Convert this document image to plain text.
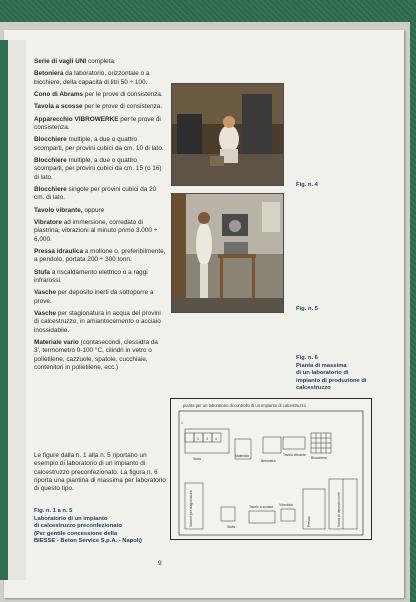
Serie di vagli UNI completa.
Betoniera da laboratorio, orizzontale o a bicchiere, della capacità di litri 50 ÷ 100.
Cono di Abrams per le prove di consistenza.
Tavola a scosse per le prove di consistenza.
Apparecchio VIBROWERKE per le prove di consistenza.
Blocchiere multiple, a due o quattro scomparti, per provini cubici da cm. 10 di lato.
Blocchiere multiple, a due o quattro scomparti, per provini cubici da cm. 15 (o 16) di lato.
Blocchiere singole per provini cubici da 20 cm. di lato.
Tavolo vibrante, oppure
Vibratore ad immersione, corredato di piastrina, vibrazioni al minuto primo 3.000 ÷ 6.000.
Pressa idraulica a mollone o, preferibilmente, a pendolo, portata 200 ÷ 300 tonn.
Stufa a riscaldamento elettrico o a raggi infrarossi.
Vasche per deposito inerti da sottoporre a prove.
Vasche per stagionatura in acqua dei provini di calcestruzzo, in amiantocemento o acciaio inossidabile.
Materiale vario (contasecondi, clessidra da 3', termometro 0-100 °C, cilindri in vetro o polietilene, cazzuole, spatole, cucchiaie, contenitori in polietilene, ecc.)
Le figure dalla n. 1 alla n. 5 riportano un esempio di laboratorio di un impianto di calcestruzzo preconfezionato. La figura n. 6 riporta una piantina di massima per laboratorio di questo tipo.
Fig. n. 4
Fig. n. 5
Fig. n. 6
Pianta di massima
di un laboratorio di
impianto di produzione di
calcestruzzo
Fig. n. 1 a n. 5
Laboratorio di un impianto
di calcestruzzo preconfezionato
(Per gentile concessione della
BIESSE - Beton Service S.p.A. - Napoli)
pianta per un laboratorio di controllo di un impianto di calcestruzzo
1
2 3 4
Stufa
Materiale
Betoniera
Tavolo vibrante
Blocchiere
Stufa
Tavolo a scosse Vibrobloc
Vasche per stagionatura	Vasca di deposito inerti
Pressa
9
